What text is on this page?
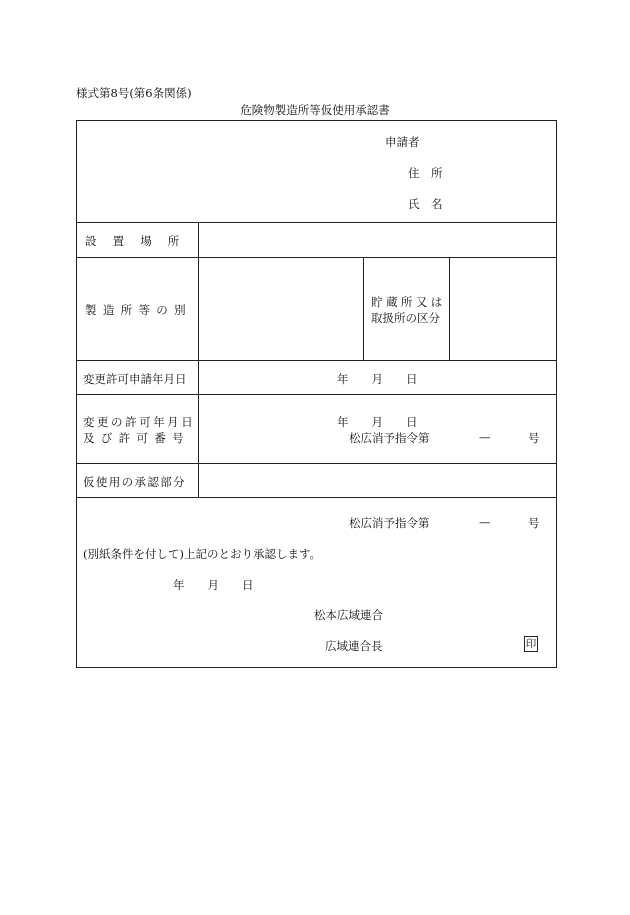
様式第8号(第6条関係)
危険物製造所等仮使用承認書
申請者
住　所
氏　名
設　置　場　所
製造所等の別
貯蔵所又は
取扱所の区分
変更許可申請年月日	年　　月　　日
変更の許可年月日
及び許可番号
年　　月　　日
松広消予指令第	—	号
仮使用の承認部分
松広消予指令第	—	号
(別紙条件を付して)上記のとおり承認します。
年　　月　　日
松本広域連合
広域連合長	印
